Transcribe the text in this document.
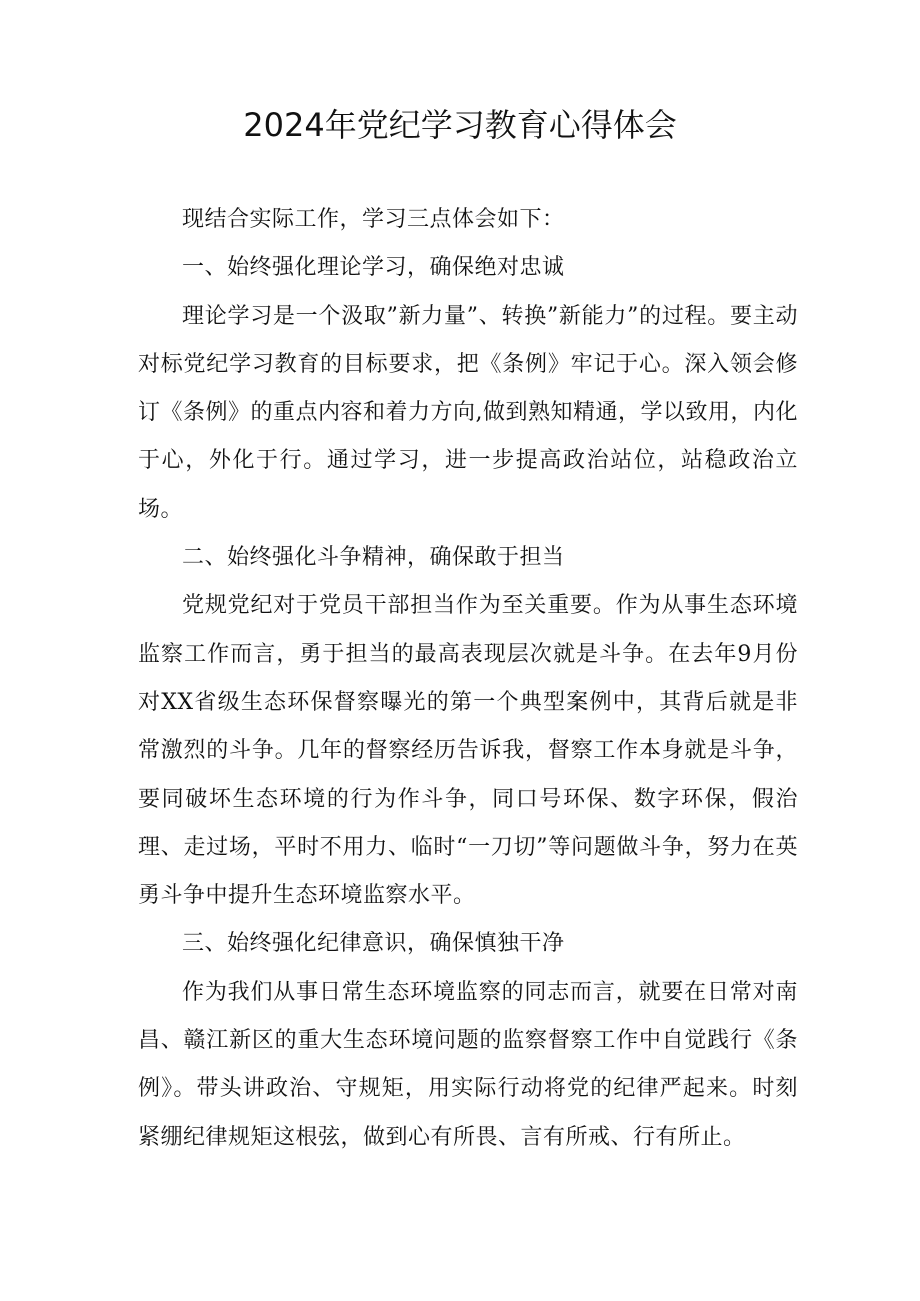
2024年党纪学习教育心得体会

现结合实际工作，学习三点体会如下：

一、始终强化理论学习，确保绝对忠诚

理论学习是一个汲取”新力量”、转换”新能力”的过程。要主动对标党纪学习教育的目标要求，把《条例》牢记于心。深入领会修订《条例》的重点内容和着力方向,做到熟知精通，学以致用，内化于心，外化于行。通过学习，进一步提高政治站位，站稳政治立场。

二、始终强化斗争精神，确保敢于担当

党规党纪对于党员干部担当作为至关重要。作为从事生态环境监察工作而言，勇于担当的最高表现层次就是斗争。在去年9月份对XX省级生态环保督察曝光的第一个典型案例中，其背后就是非常激烈的斗争。几年的督察经历告诉我，督察工作本身就是斗争，要同破坏生态环境的行为作斗争，同口号环保、数字环保，假治理、走过场，平时不用力、临时“一刀切”等问题做斗争，努力在英勇斗争中提升生态环境监察水平。

三、始终强化纪律意识，确保慎独干净

作为我们从事日常生态环境监察的同志而言，就要在日常对南昌、赣江新区的重大生态环境问题的监察督察工作中自觉践行《条例》。带头讲政治、守规矩，用实际行动将党的纪律严起来。时刻紧绷纪律规矩这根弦，做到心有所畏、言有所戒、行有所止。
